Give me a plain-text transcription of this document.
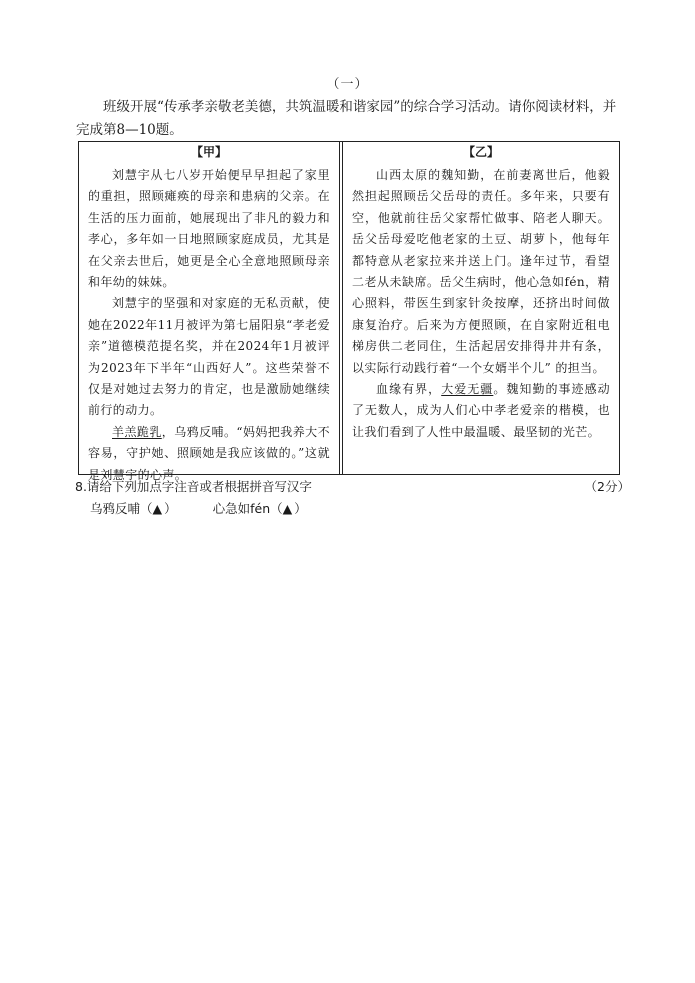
（一）
班级开展“传承孝亲敬老美德，共筑温暖和谐家园”的综合学习活动。请你阅读材料，并完成第8—10题。
【甲】

刘慧宇从七八岁开始便早早担起了家里的重担，照顾瘫痪的母亲和患病的父亲。在生活的压力面前，她展现出了非凡的毅力和孝心，多年如一日地照顾家庭成员，尤其是在父亲去世后，她更是全心全意地照顾母亲和年幼的妹妹。

刘慧宇的坚强和对家庭的无私贡献，使她在2022年11月被评为第七届阳泉“孝老爱亲”道德模范提名奖，并在2024年1月被评为2023年下半年“山西好人”。这些荣誉不仅是对她过去努力的肯定，也是激励她继续前行的动力。

羊羔跪乳，乌鸦反哺。“妈妈把我养大不容易，守护她、照顾她是我应该做的。”这就是刘慧宇的心声。

【乙】

山西太原的魏知勤，在前妻离世后，他毅然担起照顾岳父岳母的责任。多年来，只要有空，他就前往岳父家帮忙做事、陪老人聊天。岳父岳母爱吃他老家的土豆、胡萝卜，他每年都特意从老家拉来并送上门。逢年过节，看望二老从未缺席。岳父生病时，他心急如fén，精心照料，带医生到家针灸按摩，还挤出时间做康复治疗。后来为方便照顾，在自家附近租电梯房供二老同住，生活起居安排得井井有条，以实际行动践行着“一个女婿半个儿” 的担当。

血缘有界，大爱无疆。魏知勤的事迹感动了无数人，成为人们心中孝老爱亲的楷模，也让我们看到了人性中最温暖、最坚韧的光芒。

8.请给下列加点字注音或者根据拼音写汉字	（2分）
乌鸦反哺（▲）	心急如fén（▲）
